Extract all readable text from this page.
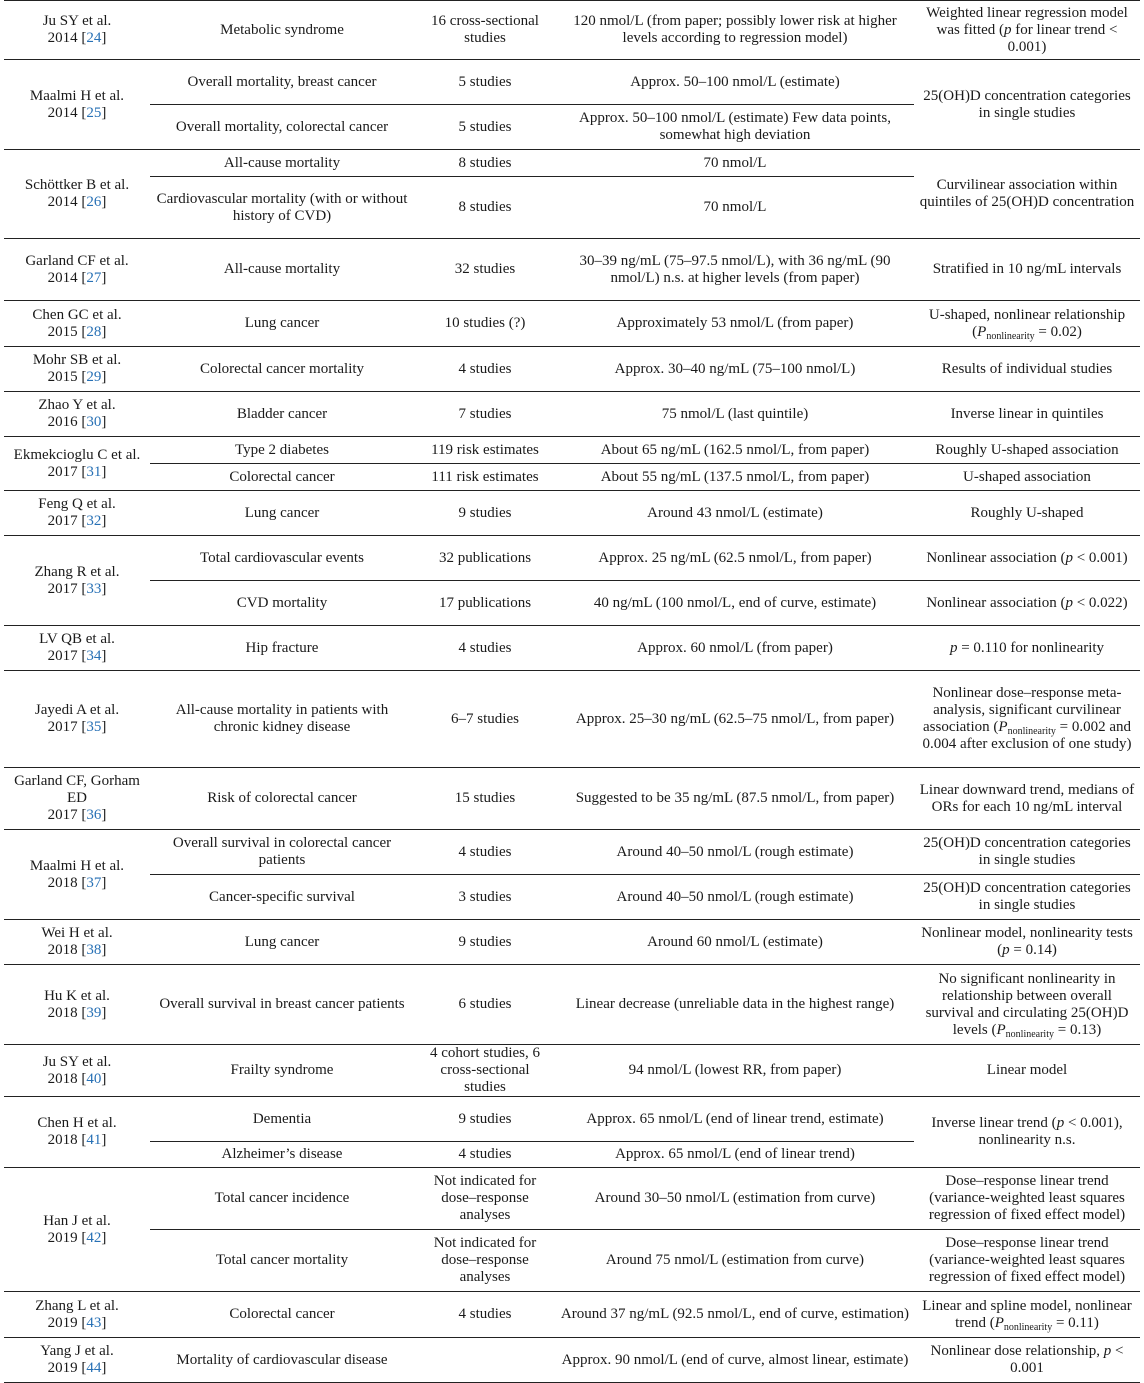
Ju SY et al.
2014 [24]	Metabolic syndrome	16 cross-sectional studies	120 nmol/L (from paper; possibly lower risk at higher levels according to regression model)	Weighted linear regression model was fitted (p for linear trend < 0.001)
Maalmi H et al.
2014 [25]	Overall mortality, breast cancer	5 studies	Approx. 50–100 nmol/L (estimate)	25(OH)D concentration categories in single studies
	Overall mortality, colorectal cancer	5 studies	Approx. 50–100 nmol/L (estimate) Few data points, somewhat high deviation	
Schöttker B et al.
2014 [26]	All-cause mortality	8 studies	70 nmol/L	Curvilinear association within quintiles of 25(OH)D concentration
	Cardiovascular mortality (with or without history of CVD)	8 studies	70 nmol/L	
Garland CF et al.
2014 [27]	All-cause mortality	32 studies	30–39 ng/mL (75–97.5 nmol/L), with 36 ng/mL (90 nmol/L) n.s. at higher levels (from paper)	Stratified in 10 ng/mL intervals
Chen GC et al.
2015 [28]	Lung cancer	10 studies (?)	Approximately 53 nmol/L (from paper)	U-shaped, nonlinear relationship $(P_{nonlinearity} = 0.02)$
Mohr SB et al.
2015 [29]	Colorectal cancer mortality	4 studies	Approx. 30–40 ng/mL (75–100 nmol/L)	Results of individual studies
Zhao Y et al.
2016 [30]	Bladder cancer	7 studies	75 nmol/L (last quintile)	Inverse linear in quintiles
Ekmekcioglu C et al.
2017 [31]	Type 2 diabetes	119 risk estimates	About 65 ng/mL (162.5 nmol/L, from paper)	Roughly U-shaped association
	Colorectal cancer	111 risk estimates	About 55 ng/mL (137.5 nmol/L, from paper)	U-shaped association
Feng Q et al.
2017 [32]	Lung cancer	9 studies	Around 43 nmol/L (estimate)	Roughly U-shaped
Zhang R et al.
2017 [33]	Total cardiovascular events	32 publications	Approx. 25 ng/mL (62.5 nmol/L, from paper)	Nonlinear association (p < 0.001)
	CVD mortality	17 publications	40 ng/mL (100 nmol/L, end of curve, estimate)	Nonlinear association (p < 0.022)
LV QB et al.
2017 [34]	Hip fracture	4 studies	Approx. 60 nmol/L (from paper)	p = 0.110 for nonlinearity
Jayedi A et al.
2017 [35]	All-cause mortality in patients with chronic kidney disease	6–7 studies	Approx. 25–30 ng/mL (62.5–75 nmol/L, from paper)	Nonlinear dose–response meta-analysis, significant curvilinear association ($P_{nonlinearity} = 0.002$ and 0.004 after exclusion of one study)
Garland CF, Gorham ED
2017 [36]	Risk of colorectal cancer	15 studies	Suggested to be 35 ng/mL (87.5 nmol/L, from paper)	Linear downward trend, medians of ORs for each 10 ng/mL interval
Maalmi H et al.
2018 [37]	Overall survival in colorectal cancer patients	4 studies	Around 40–50 nmol/L (rough estimate)	25(OH)D concentration categories in single studies
	Cancer-specific survival	3 studies	Around 40–50 nmol/L (rough estimate)	25(OH)D concentration categories in single studies
Wei H et al.
2018 [38]	Lung cancer	9 studies	Around 60 nmol/L (estimate)	Nonlinear model, nonlinearity tests (p = 0.14)
Hu K et al.
2018 [39]	Overall survival in breast cancer patients	6 studies	Linear decrease (unreliable data in the highest range)	No significant nonlinearity in relationship between overall survival and circulating 25(OH)D levels $(P_{nonlinearity} = 0.13)$
Ju SY et al.
2018 [40]	Frailty syndrome	4 cohort studies, 6 cross-sectional studies	94 nmol/L (lowest RR, from paper)	Linear model
Chen H et al.
2018 [41]	Dementia	9 studies	Approx. 65 nmol/L (end of linear trend, estimate)	Inverse linear trend (p < 0.001), nonlinearity n.s.
	Alzheimer’s disease	4 studies	Approx. 65 nmol/L (end of linear trend)	
Han J et al.
2019 [42]	Total cancer incidence	Not indicated for dose–response analyses	Around 30–50 nmol/L (estimation from curve)	Dose–response linear trend (variance-weighted least squares regression of fixed effect model)
	Total cancer mortality	Not indicated for dose–response analyses	Around 75 nmol/L (estimation from curve)	Dose–response linear trend (variance-weighted least squares regression of fixed effect model)
Zhang L et al.
2019 [43]	Colorectal cancer	4 studies	Around 37 ng/mL (92.5 nmol/L, end of curve, estimation)	Linear and spline model, nonlinear trend $(P_{nonlinearity} = 0.11)$
Yang J et al.
2019 [44]	Mortality of cardiovascular disease		Approx. 90 nmol/L (end of curve, almost linear, estimate)	Nonlinear dose relationship, p < 0.001
